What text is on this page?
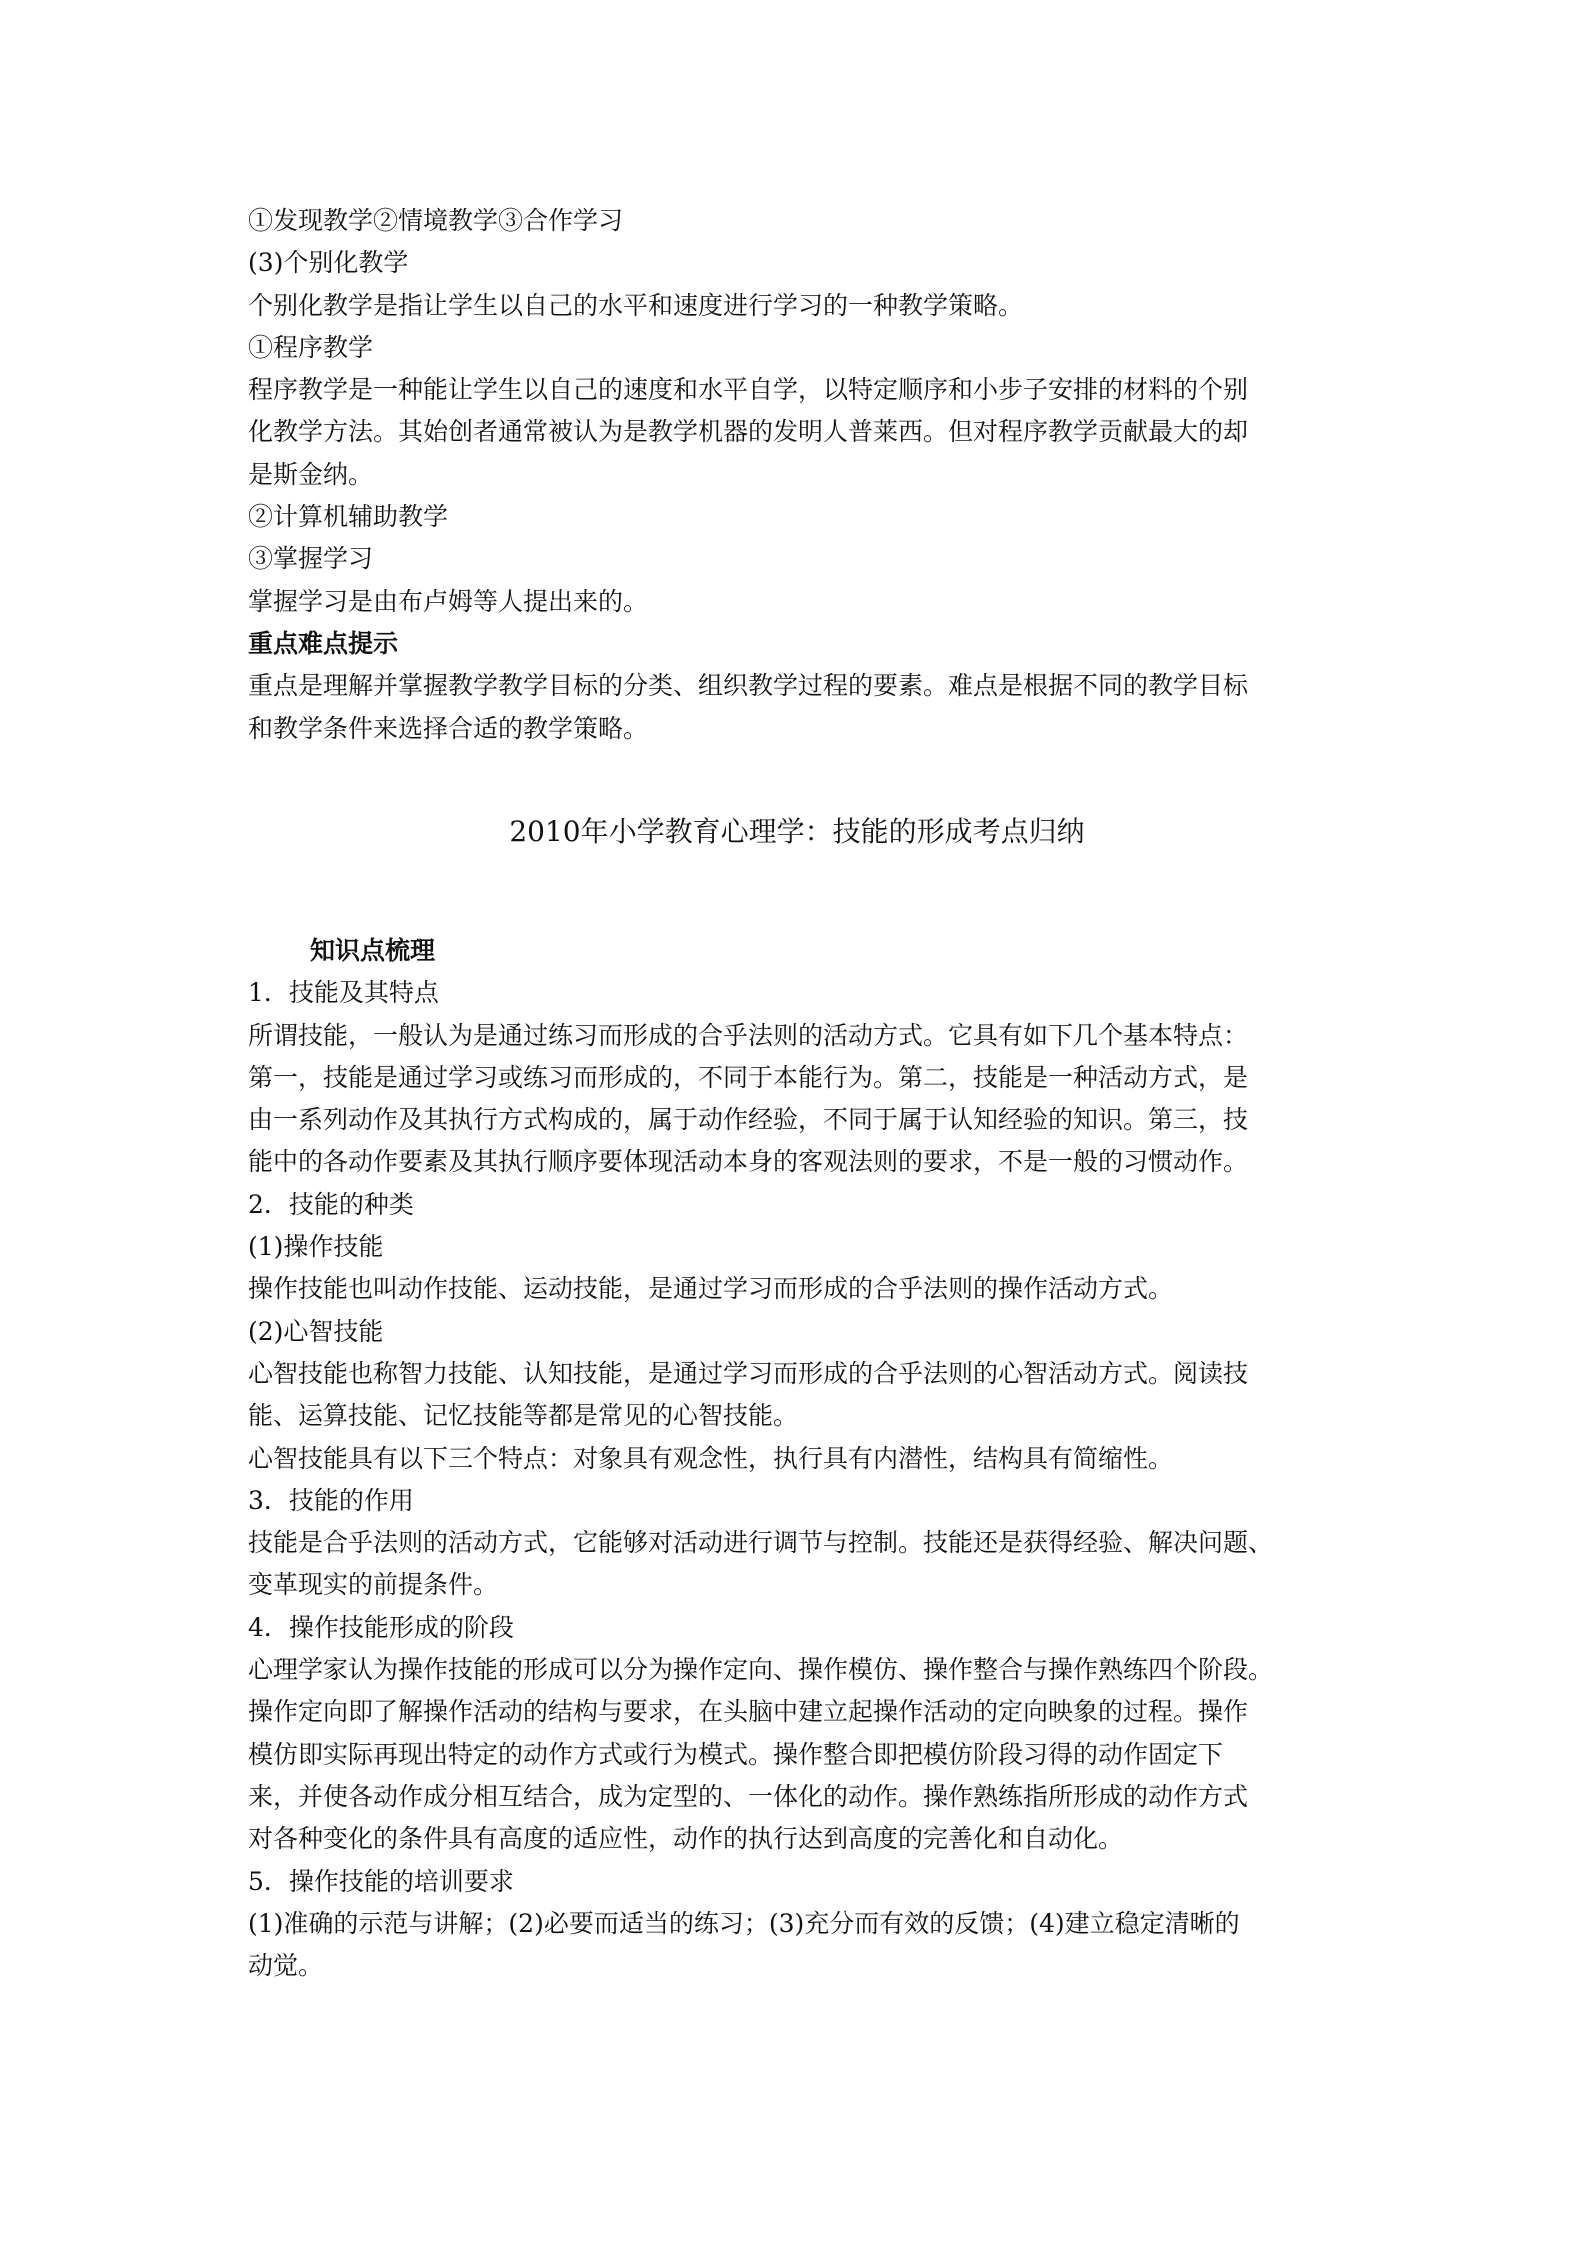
①发现教学②情境教学③合作学习
(3)个别化教学
个别化教学是指让学生以自己的水平和速度进行学习的一种教学策略。
①程序教学
程序教学是一种能让学生以自己的速度和水平自学，以特定顺序和小步子安排的材料的个别
化教学方法。其始创者通常被认为是教学机器的发明人普莱西。但对程序教学贡献最大的却
是斯金纳。
②计算机辅助教学
③掌握学习
掌握学习是由布卢姆等人提出来的。
重点难点提示
重点是理解并掌握教学教学目标的分类、组织教学过程的要素。难点是根据不同的教学目标
和教学条件来选择合适的教学策略。
2010年小学教育心理学：技能的形成考点归纳
知识点梳理
1．技能及其特点
所谓技能，一般认为是通过练习而形成的合乎法则的活动方式。它具有如下几个基本特点：
第一，技能是通过学习或练习而形成的，不同于本能行为。第二，技能是一种活动方式，是
由一系列动作及其执行方式构成的，属于动作经验，不同于属于认知经验的知识。第三，技
能中的各动作要素及其执行顺序要体现活动本身的客观法则的要求，不是一般的习惯动作。
2．技能的种类
(1)操作技能
操作技能也叫动作技能、运动技能，是通过学习而形成的合乎法则的操作活动方式。
(2)心智技能
心智技能也称智力技能、认知技能，是通过学习而形成的合乎法则的心智活动方式。阅读技
能、运算技能、记忆技能等都是常见的心智技能。
心智技能具有以下三个特点：对象具有观念性，执行具有内潜性，结构具有简缩性。
3．技能的作用
技能是合乎法则的活动方式，它能够对活动进行调节与控制。技能还是获得经验、解决问题、
变革现实的前提条件。
4．操作技能形成的阶段
心理学家认为操作技能的形成可以分为操作定向、操作模仿、操作整合与操作熟练四个阶段。
操作定向即了解操作活动的结构与要求，在头脑中建立起操作活动的定向映象的过程。操作
模仿即实际再现出特定的动作方式或行为模式。操作整合即把模仿阶段习得的动作固定下
来，并使各动作成分相互结合，成为定型的、一体化的动作。操作熟练指所形成的动作方式
对各种变化的条件具有高度的适应性，动作的执行达到高度的完善化和自动化。
5．操作技能的培训要求
(1)准确的示范与讲解；(2)必要而适当的练习；(3)充分而有效的反馈；(4)建立稳定清晰的
动觉。
